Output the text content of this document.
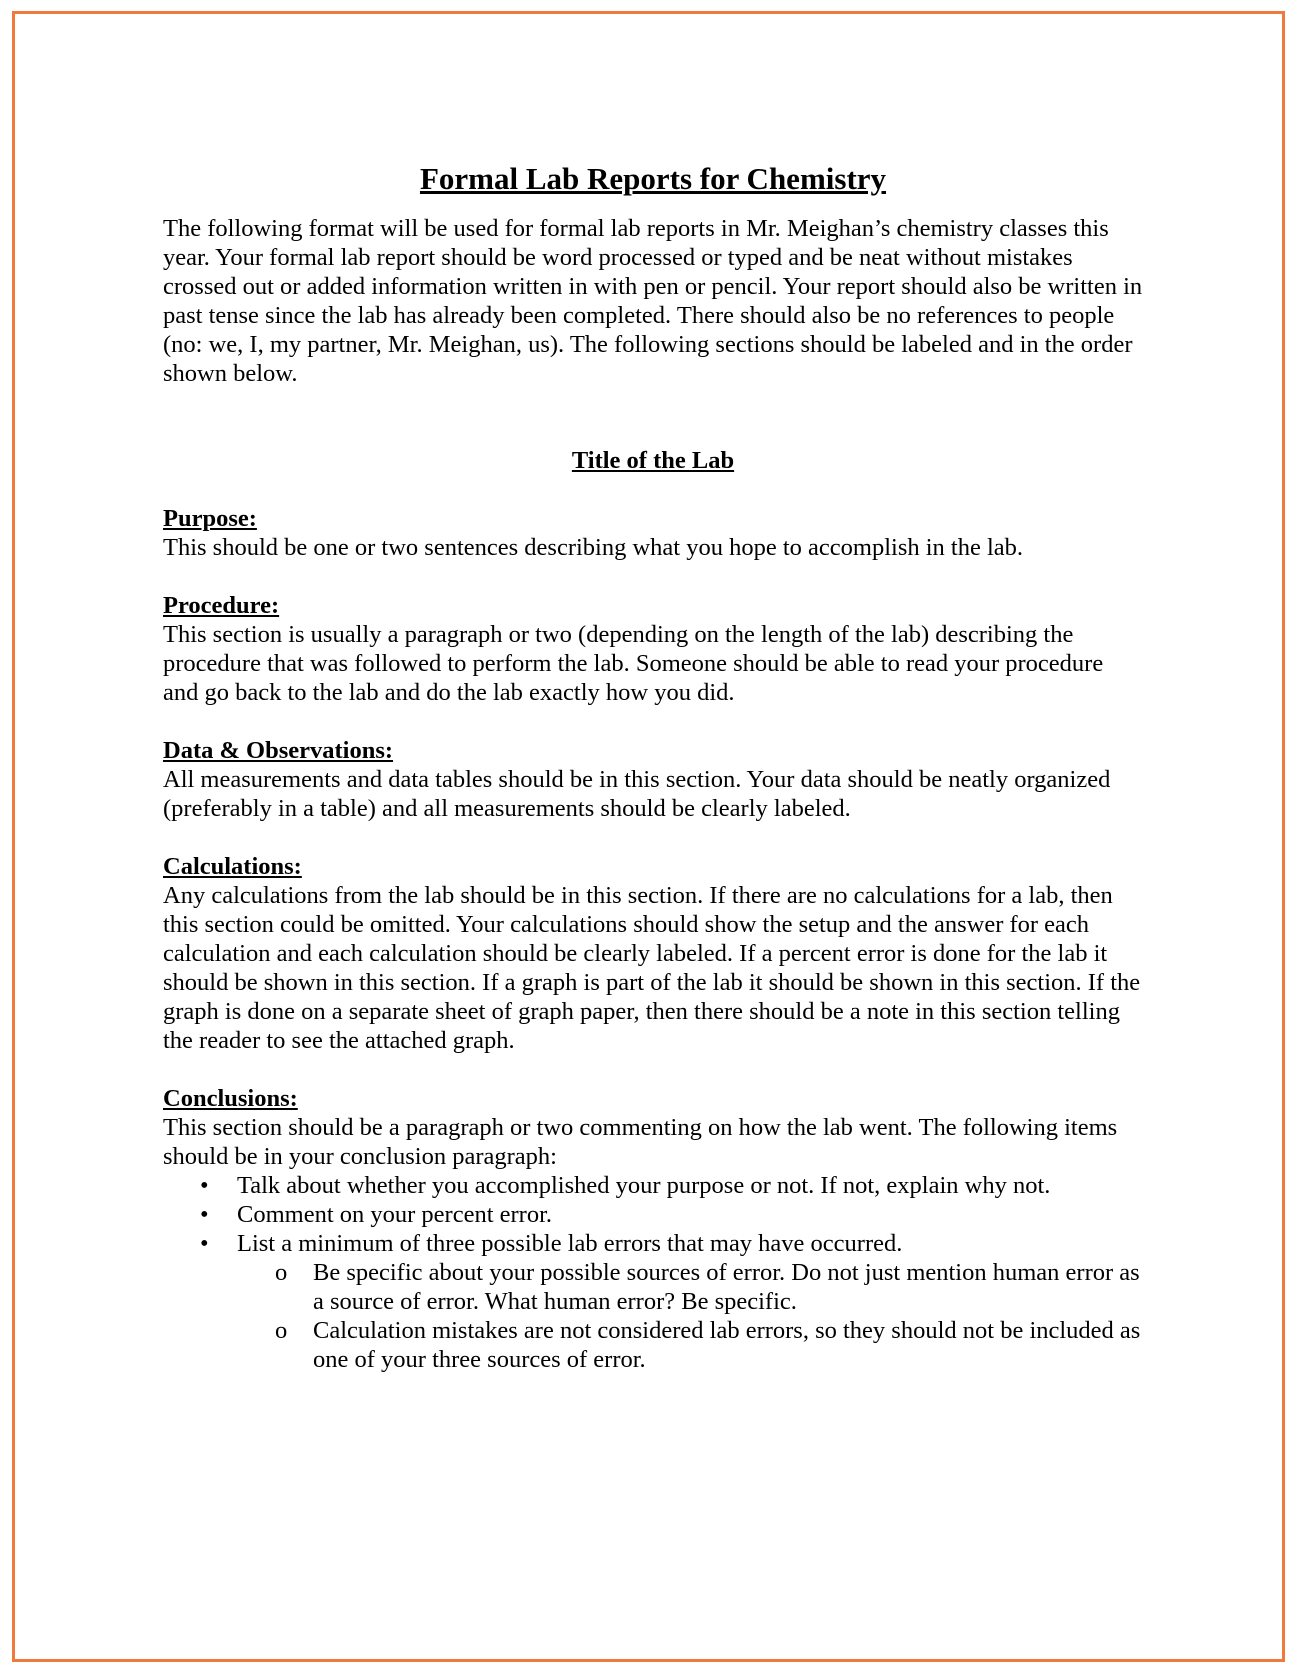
Formal Lab Reports for Chemistry

The following format will be used for formal lab reports in Mr. Meighan’s chemistry classes this year. Your formal lab report should be word processed or typed and be neat without mistakes crossed out or added information written in with pen or pencil. Your report should also be written in past tense since the lab has already been completed. There should also be no references to people (no: we, I, my partner, Mr. Meighan, us). The following sections should be labeled and in the order shown below.

Title of the Lab
Purpose:
This should be one or two sentences describing what you hope to accomplish in the lab.
Procedure:
This section is usually a paragraph or two (depending on the length of the lab) describing the procedure that was followed to perform the lab. Someone should be able to read your procedure and go back to the lab and do the lab exactly how you did.
Data & Observations:
All measurements and data tables should be in this section. Your data should be neatly organized (preferably in a table) and all measurements should be clearly labeled.
Calculations:
Any calculations from the lab should be in this section. If there are no calculations for a lab, then this section could be omitted. Your calculations should show the setup and the answer for each calculation and each calculation should be clearly labeled. If a percent error is done for the lab it should be shown in this section. If a graph is part of the lab it should be shown in this section. If the graph is done on a separate sheet of graph paper, then there should be a note in this section telling the reader to see the attached graph.
Conclusions:
This section should be a paragraph or two commenting on how the lab went. The following items should be in your conclusion paragraph:
• Talk about whether you accomplished your purpose or not. If not, explain why not.
• Comment on your percent error.
• List a minimum of three possible lab errors that may have occurred.
o Be specific about your possible sources of error. Do not just mention human error as a source of error. What human error? Be specific.
o Calculation mistakes are not considered lab errors, so they should not be included as one of your three sources of error.
